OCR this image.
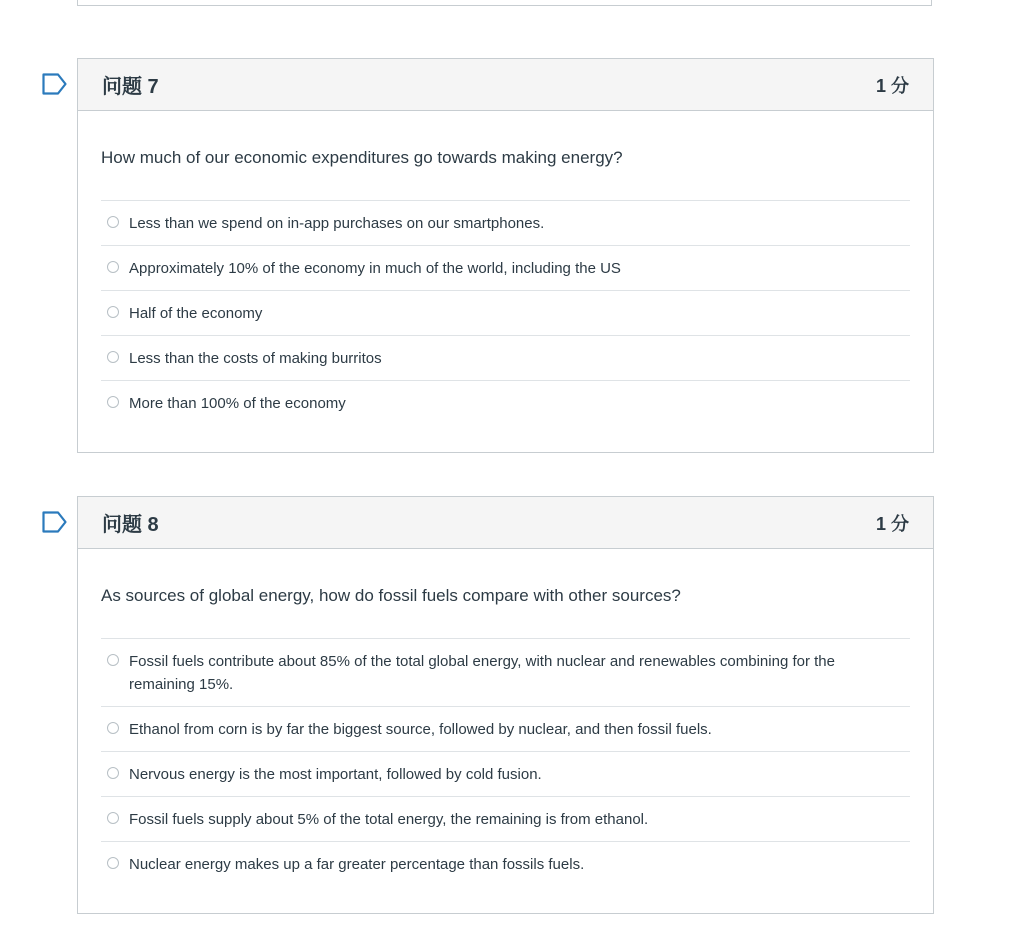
问题 7	1 分

How much of our economic expenditures go towards making energy?

Less than we spend on in-app purchases on our smartphones.
Approximately 10% of the economy in much of the world, including the US
Half of the economy
Less than the costs of making burritos
More than 100% of the economy
问题 8	1 分

As sources of global energy, how do fossil fuels compare with other sources?

Fossil fuels contribute about 85% of the total global energy, with nuclear and renewables combining for the remaining 15%.
Ethanol from corn is by far the biggest source, followed by nuclear, and then fossil fuels.
Nervous energy is the most important, followed by cold fusion.
Fossil fuels supply about 5% of the total energy, the remaining is from ethanol.
Nuclear energy makes up a far greater percentage than fossils fuels.
